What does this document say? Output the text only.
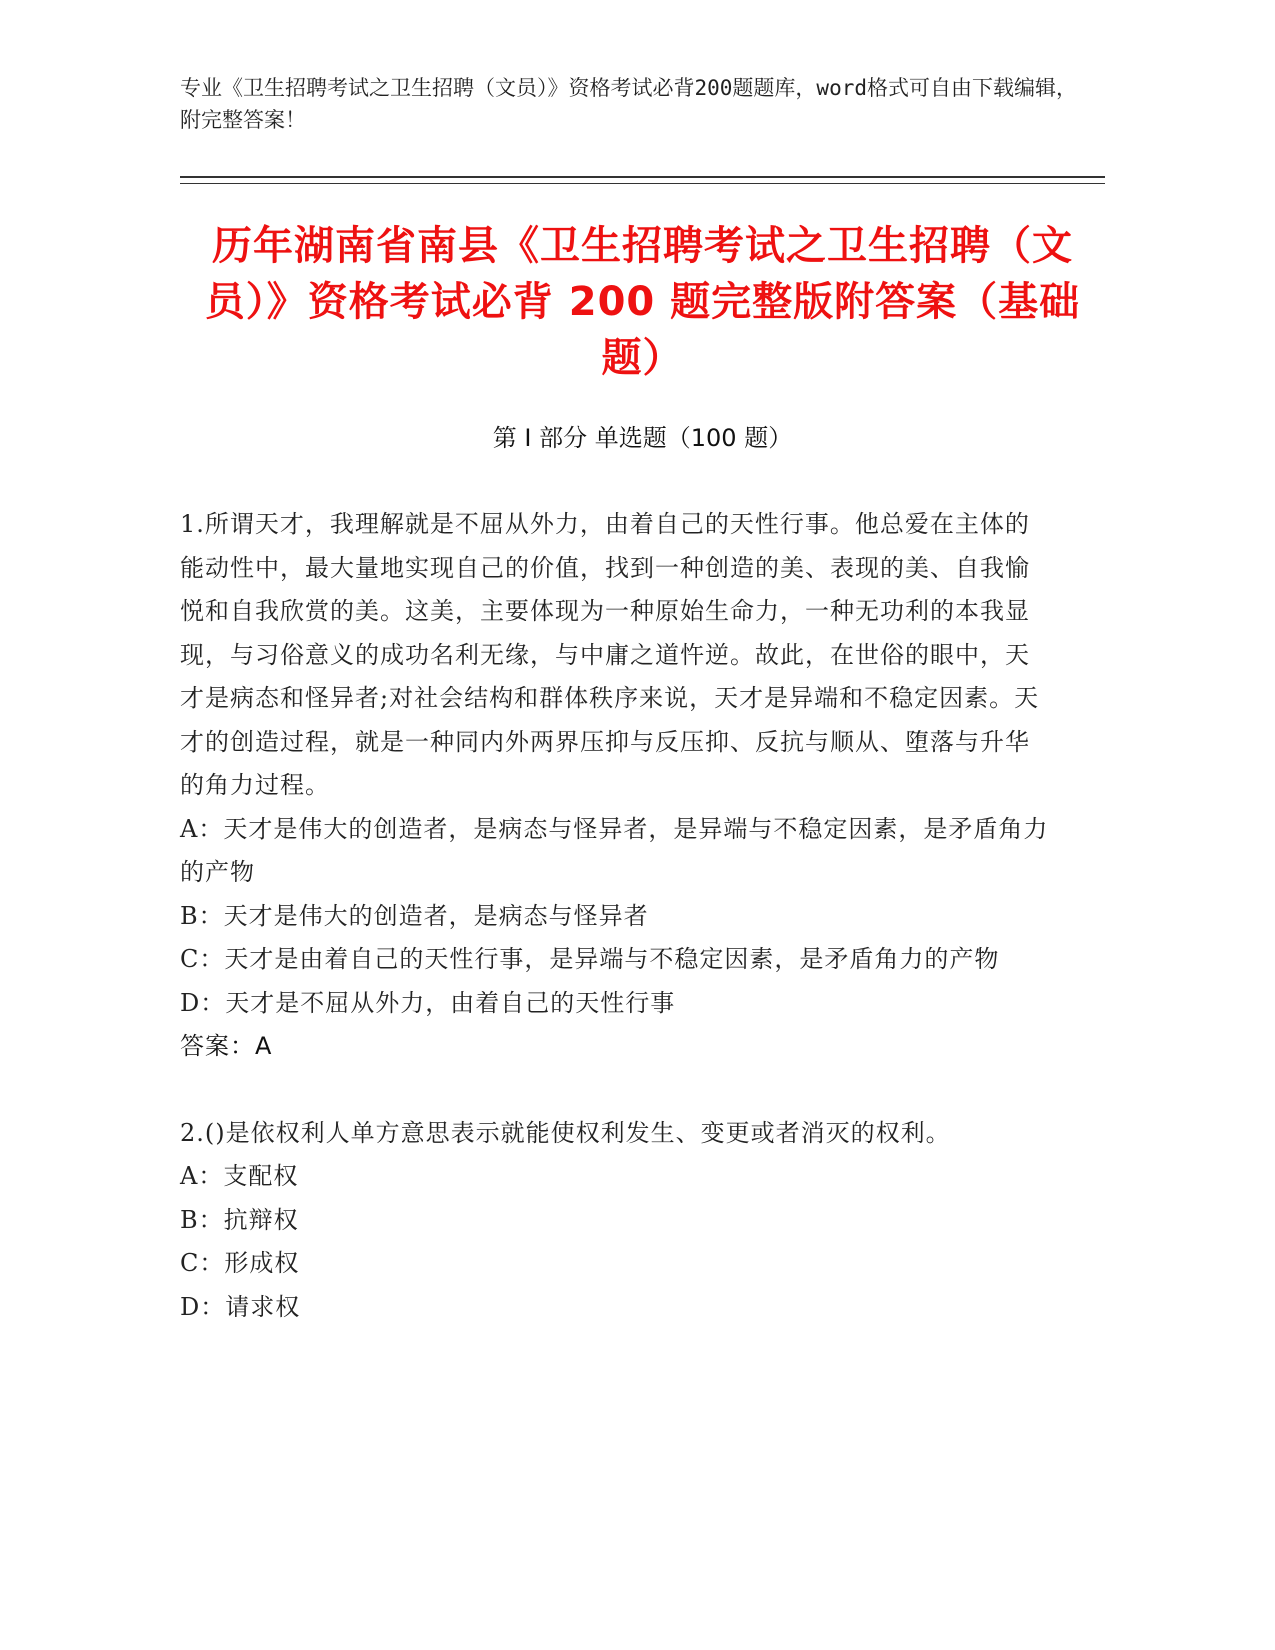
专业《卫生招聘考试之卫生招聘（文员）》资格考试必背200题题库，word格式可自由下载编辑，附完整答案！
历年湖南省南县《卫生招聘考试之卫生招聘（文员）》资格考试必背 200 题完整版附答案（基础题）
第 I 部分 单选题（100 题）

1.所谓天才，我理解就是不屈从外力，由着自己的天性行事。他总爱在主体的能动性中，最大量地实现自己的价值，找到一种创造的美、表现的美、自我愉悦和自我欣赏的美。这美，主要体现为一种原始生命力，一种无功利的本我显现，与习俗意义的成功名利无缘，与中庸之道忤逆。故此，在世俗的眼中，天才是病态和怪异者;对社会结构和群体秩序来说，天才是异端和不稳定因素。天才的创造过程，就是一种同内外两界压抑与反压抑、反抗与顺从、堕落与升华的角力过程。

A：天才是伟大的创造者，是病态与怪异者，是异端与不稳定因素，是矛盾角力的产物

B：天才是伟大的创造者，是病态与怪异者

C：天才是由着自己的天性行事，是异端与不稳定因素，是矛盾角力的产物

D：天才是不屈从外力，由着自己的天性行事

答案：A

2.()是依权利人单方意思表示就能使权利发生、变更或者消灭的权利。

A：支配权

B：抗辩权

C：形成权

D：请求权
